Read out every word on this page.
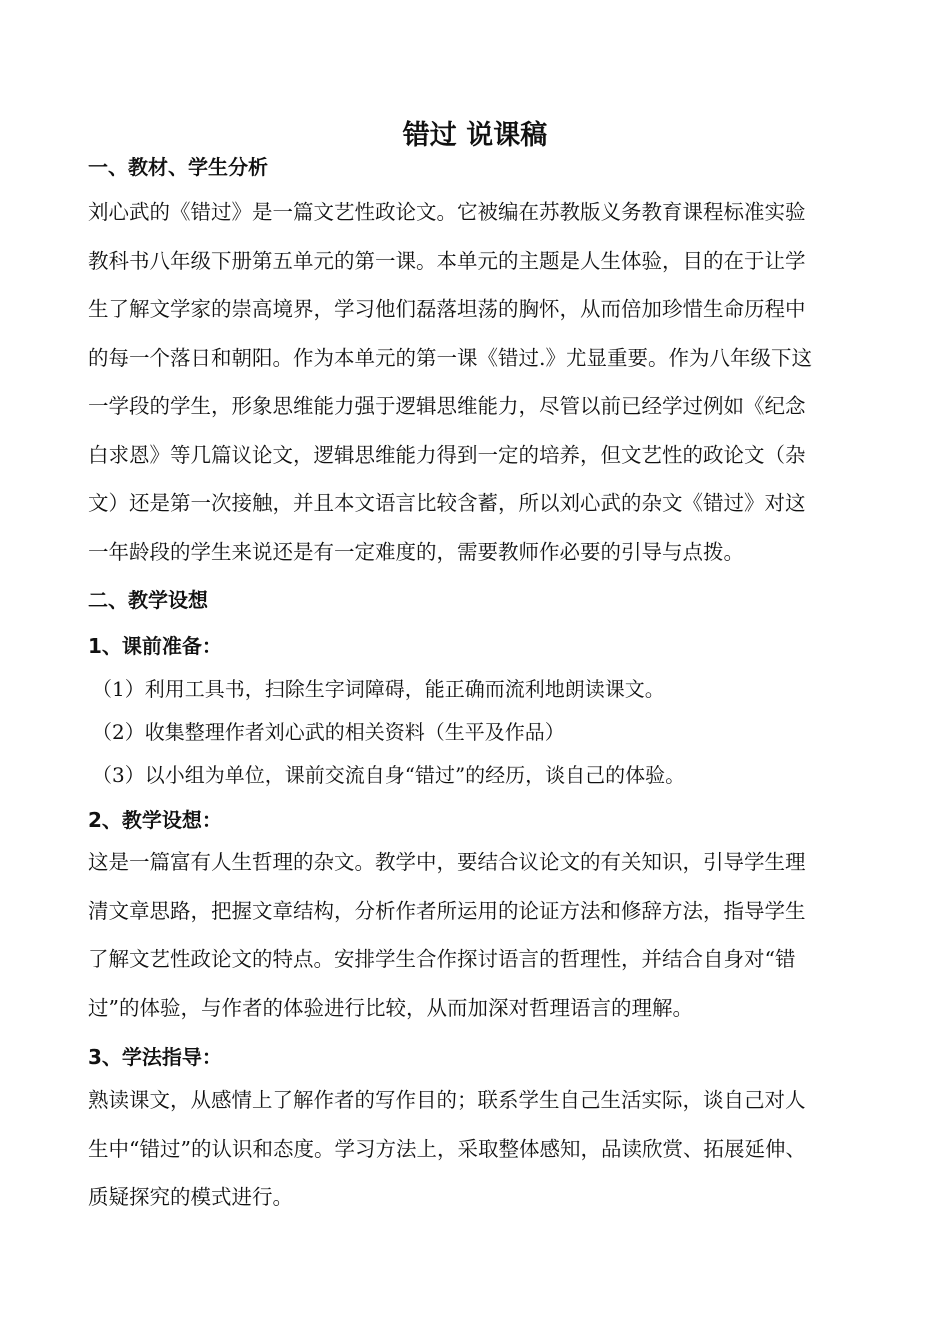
错过 说课稿
一、教材、学生分析
刘心武的《错过》是一篇文艺性政论文。它被编在苏教版义务教育课程标准实验
教科书八年级下册第五单元的第一课。本单元的主题是人生体验，目的在于让学
生了解文学家的崇高境界，学习他们磊落坦荡的胸怀，从而倍加珍惜生命历程中
的每一个落日和朝阳。作为本单元的第一课《错过.》尤显重要。作为八年级下这
一学段的学生，形象思维能力强于逻辑思维能力，尽管以前已经学过例如《纪念
白求恩》等几篇议论文，逻辑思维能力得到一定的培养，但文艺性的政论文（杂
文）还是第一次接触，并且本文语言比较含蓄，所以刘心武的杂文《错过》对这
一年龄段的学生来说还是有一定难度的，需要教师作必要的引导与点拨。
二、教学设想
1、课前准备：
（1）利用工具书，扫除生字词障碍，能正确而流利地朗读课文。
（2）收集整理作者刘心武的相关资料（生平及作品）
（3）以小组为单位，课前交流自身“错过”的经历，谈自己的体验。
2、教学设想：
这是一篇富有人生哲理的杂文。教学中，要结合议论文的有关知识，引导学生理
清文章思路，把握文章结构，分析作者所运用的论证方法和修辞方法，指导学生
了解文艺性政论文的特点。安排学生合作探讨语言的哲理性，并结合自身对“错
过”的体验，与作者的体验进行比较，从而加深对哲理语言的理解。
3、学法指导：
熟读课文，从感情上了解作者的写作目的；联系学生自己生活实际，谈自己对人
生中“错过”的认识和态度。学习方法上，采取整体感知，品读欣赏、拓展延伸、
质疑探究的模式进行。
